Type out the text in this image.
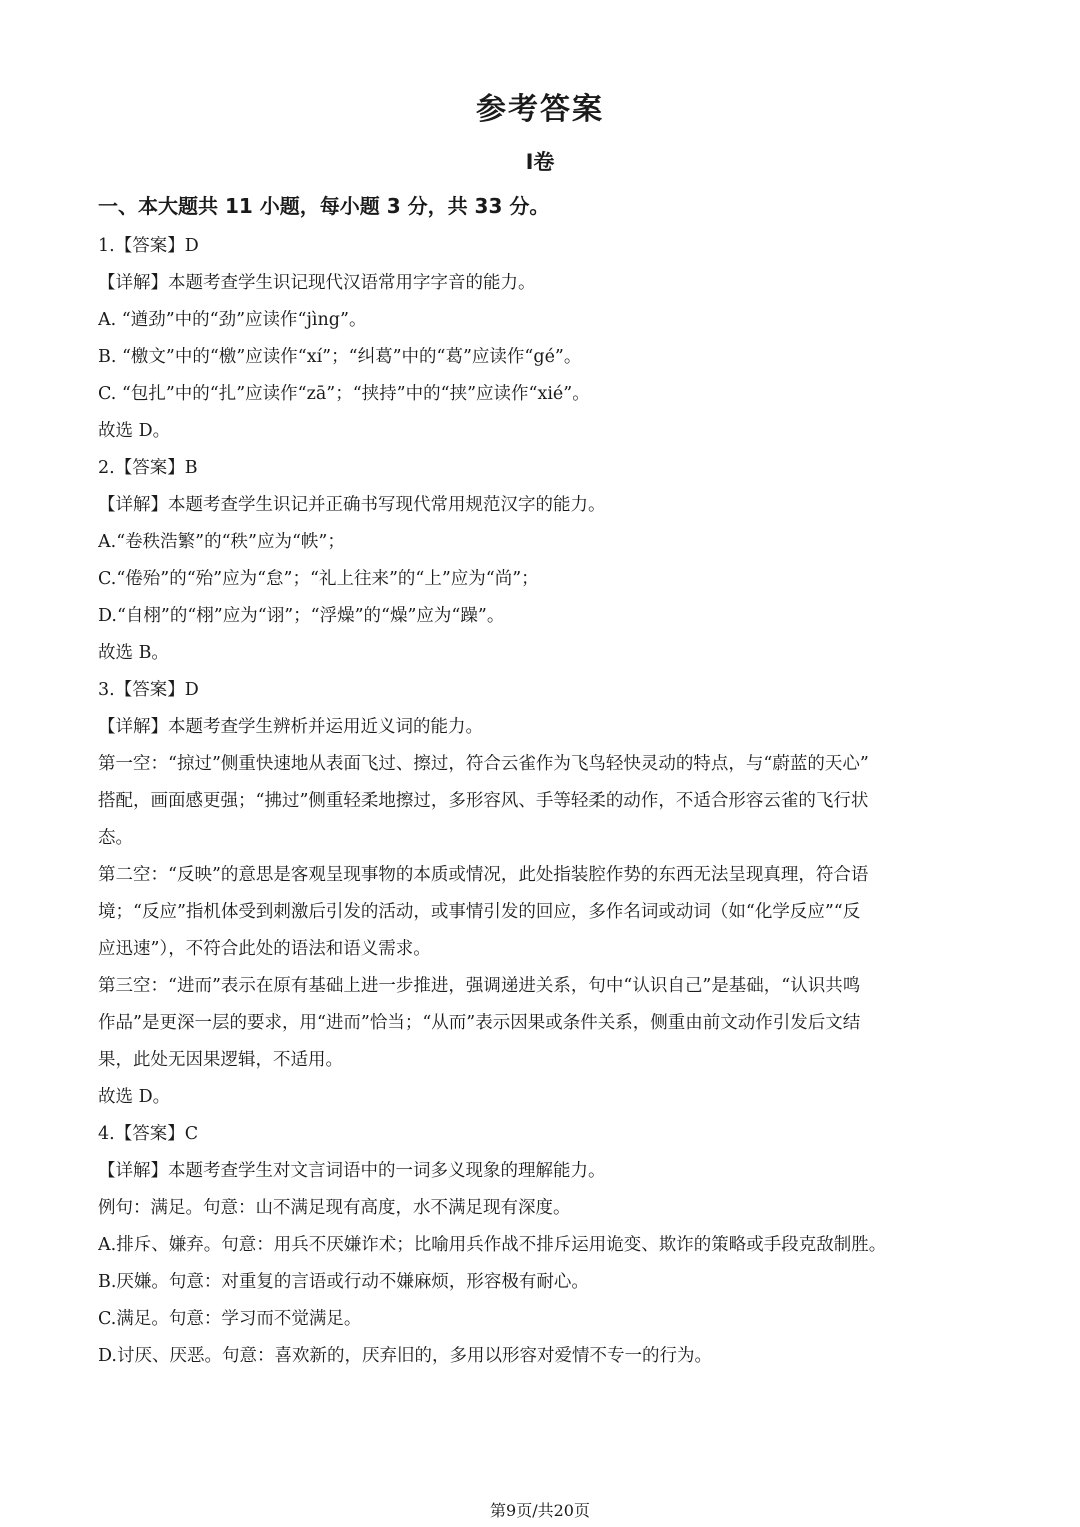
参考答案
Ⅰ卷
一、本大题共 11 小题，每小题 3 分，共 33 分。
1.【答案】D
【详解】本题考查学生识记现代汉语常用字字音的能力。
A. “遒劲”中的“劲”应读作“jìng”。
B. “檄文”中的“檄”应读作“xí”；“纠葛”中的“葛”应读作“gé”。
C. “包扎”中的“扎”应读作“zā”；“挟持”中的“挟”应读作“xié”。
故选 D。
2.【答案】B
【详解】本题考查学生识记并正确书写现代常用规范汉字的能力。
A.“卷秩浩繁”的“秩”应为“帙”；
C.“倦殆”的“殆”应为“怠”；“礼上往来”的“上”应为“尚”；
D.“自栩”的“栩”应为“诩”；“浮燥”的“燥”应为“躁”。
故选 B。
3.【答案】D
【详解】本题考查学生辨析并运用近义词的能力。
第一空：“掠过”侧重快速地从表面飞过、擦过，符合云雀作为飞鸟轻快灵动的特点，与“蔚蓝的天心”
搭配，画面感更强；“拂过”侧重轻柔地擦过，多形容风、手等轻柔的动作，不适合形容云雀的飞行状
态。
第二空：“反映”的意思是客观呈现事物的本质或情况，此处指装腔作势的东西无法呈现真理，符合语
境；“反应”指机体受到刺激后引发的活动，或事情引发的回应，多作名词或动词（如“化学反应”“反
应迅速”），不符合此处的语法和语义需求。
第三空：“进而”表示在原有基础上进一步推进，强调递进关系，句中“认识自己”是基础，“认识共鸣
作品”是更深一层的要求，用“进而”恰当；“从而”表示因果或条件关系，侧重由前文动作引发后文结
果，此处无因果逻辑，不适用。
故选 D。
4.【答案】C
【详解】本题考查学生对文言词语中的一词多义现象的理解能力。
例句：满足。句意：山不满足现有高度，水不满足现有深度。
A.排斥、嫌弃。句意：用兵不厌嫌诈术；比喻用兵作战不排斥运用诡变、欺诈的策略或手段克敌制胜。
B.厌嫌。句意：对重复的言语或行动不嫌麻烦，形容极有耐心。
C.满足。句意：学习而不觉满足。
D.讨厌、厌恶。句意：喜欢新的，厌弃旧的，多用以形容对爱情不专一的行为。
第9页/共20页
